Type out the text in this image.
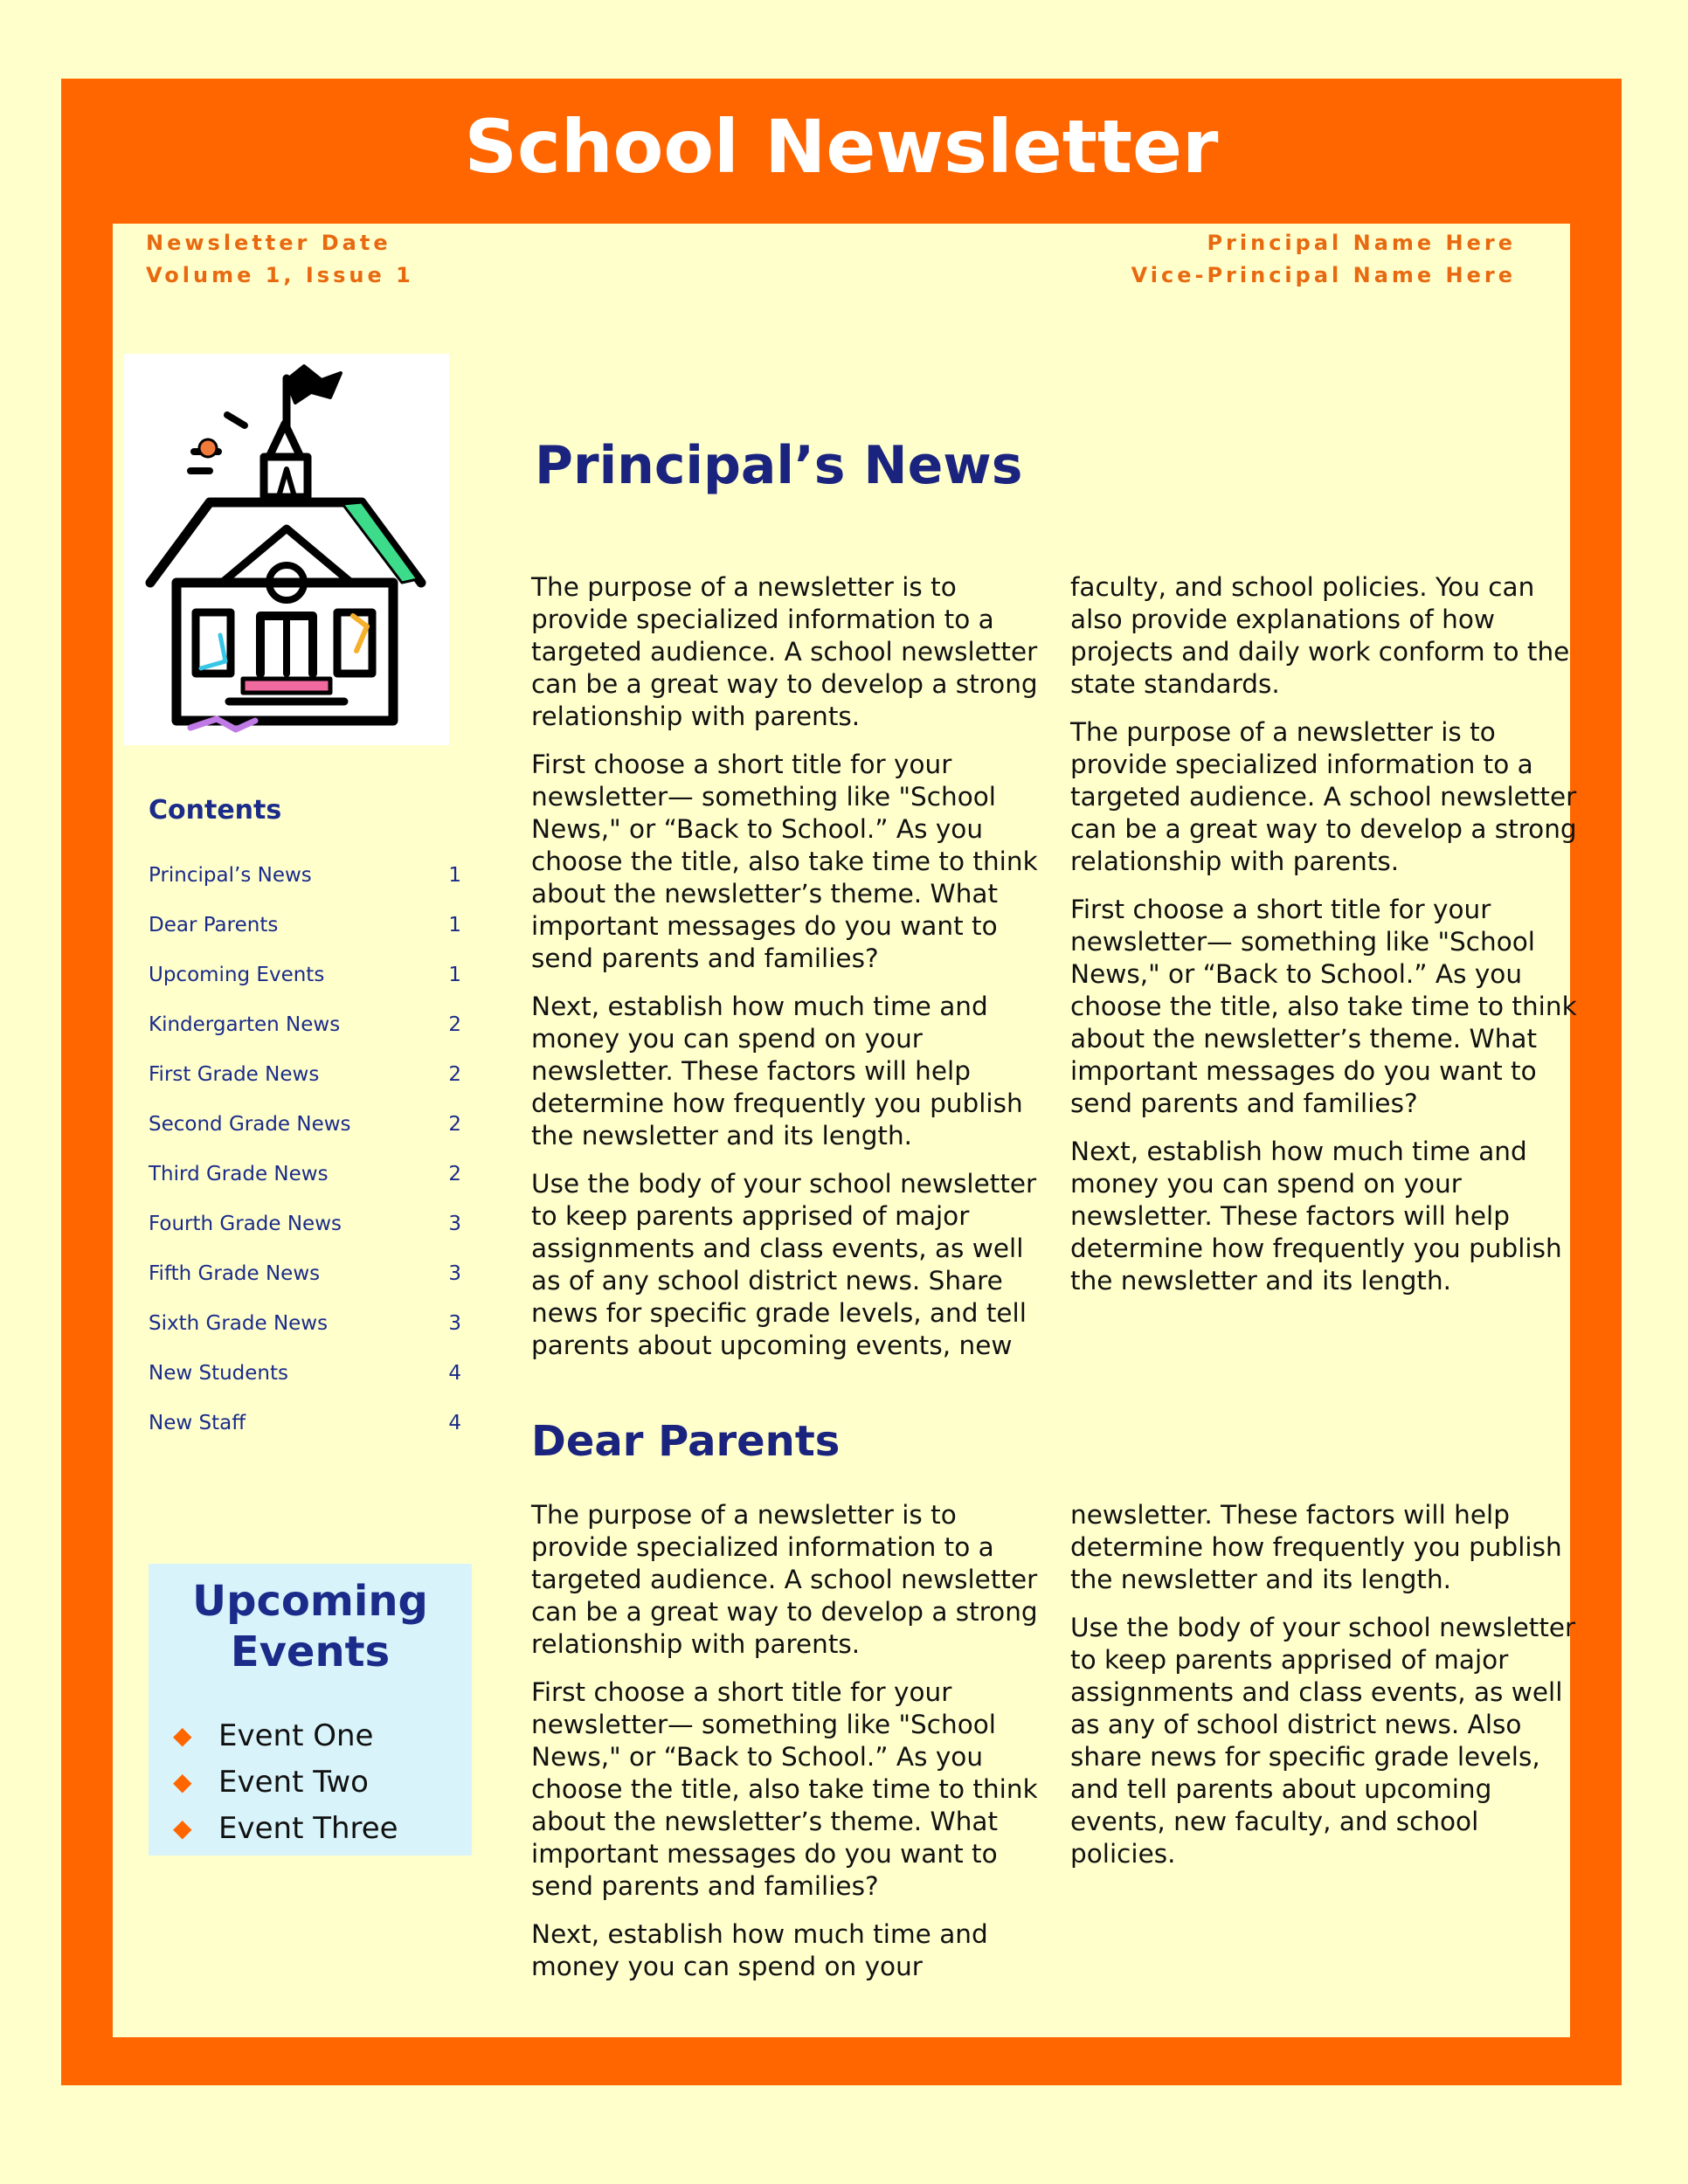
School Newsletter
Newsletter Date
Volume 1, Issue 1
Principal Name Here
Vice-Principal Name Here
Contents
Principal’s News	1
Dear Parents	1
Upcoming Events	1
Kindergarten News	2
First Grade News	2
Second Grade News	2
Third Grade News	2
Fourth Grade News	3
Fifth Grade News	3
Sixth Grade News	3
New Students	4
New Staff	4
Upcoming
Events
◆ Event One
◆ Event Two
◆ Event Three
Principal’s News

The purpose of a newsletter is to provide specialized information to a targeted audience. A school newsletter can be a great way to develop a strong relationship with parents.

First choose a short title for your newsletter— something like "School News," or “Back to School.” As you choose the title, also take time to think about the newsletter’s theme. What important messages do you want to send parents and families?

Next, establish how much time and money you can spend on your newsletter. These factors will help determine how frequently you publish the newsletter and its length.

Use the body of your school newsletter to keep parents apprised of major assignments and class events, as well as of any school district news. Share news for specific grade levels, and tell parents about upcoming events, new

faculty, and school policies. You can also provide explanations of how projects and daily work conform to the state standards.

The purpose of a newsletter is to provide specialized information to a targeted audience. A school newsletter can be a great way to develop a strong relationship with parents.

First choose a short title for your newsletter— something like "School News," or “Back to School.” As you choose the title, also take time to think about the newsletter’s theme. What important messages do you want to send parents and families?

Next, establish how much time and money you can spend on your newsletter. These factors will help determine how frequently you publish the newsletter and its length.

Dear Parents

The purpose of a newsletter is to provide specialized information to a targeted audience. A school newsletter can be a great way to develop a strong relationship with parents.

First choose a short title for your newsletter— something like "School News," or “Back to School.” As you choose the title, also take time to think about the newsletter’s theme. What important messages do you want to send parents and families?

Next, establish how much time and money you can spend on your

newsletter. These factors will help determine how frequently you publish the newsletter and its length.

Use the body of your school newsletter to keep parents apprised of major assignments and class events, as well as any of school district news. Also share news for specific grade levels, and tell parents about upcoming events, new faculty, and school policies.
